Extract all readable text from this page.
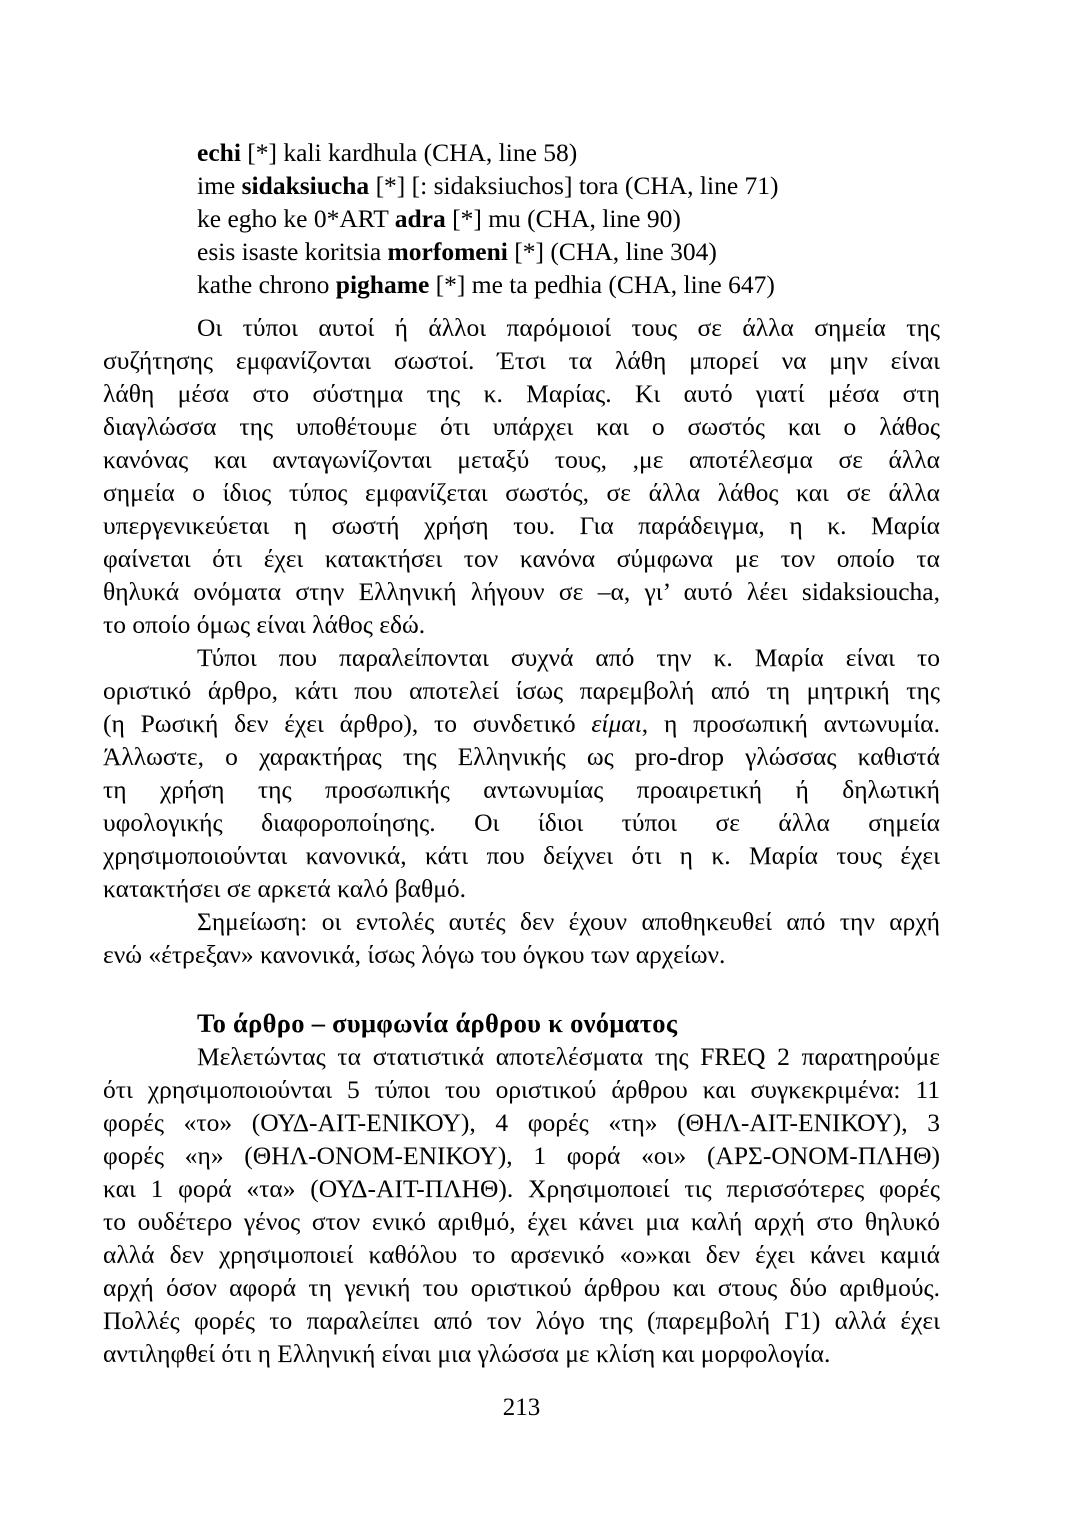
echi [*] kali kardhula (CHA, line 58)
ime sidaksiucha [*] [: sidaksiuchos] tora (CHA, line 71)
ke egho ke 0*ART adra [*] mu (CHA, line 90)
esis isaste koritsia morfomeni [*] (CHA, line 304)
kathe chrono pighame [*] me ta pedhia (CHA, line 647)
Οι τύποι αυτοί ή άλλοι παρόμοιοί τους σε άλλα σημεία της
συζήτησης εμφανίζονται σωστοί. Έτσι τα λάθη μπορεί να μην είναι
λάθη μέσα στο σύστημα της κ. Μαρίας. Κι αυτό γιατί μέσα στη
διαγλώσσα της υποθέτουμε ότι υπάρχει και ο σωστός και ο λάθος
κανόνας και ανταγωνίζονται μεταξύ τους, ,με αποτέλεσμα σε άλλα
σημεία ο ίδιος τύπος εμφανίζεται σωστός, σε άλλα λάθος και σε άλλα
υπεργενικεύεται η σωστή χρήση του. Για παράδειγμα, η κ. Μαρία
φαίνεται ότι έχει κατακτήσει τον κανόνα σύμφωνα με τον οποίο τα
θηλυκά ονόματα στην Ελληνική λήγουν σε –α, γι’ αυτό λέει sidaksioucha,
το οποίο όμως είναι λάθος εδώ.
Τύποι που παραλείπονται συχνά από την κ. Μαρία είναι το
οριστικό άρθρο, κάτι που αποτελεί ίσως παρεμβολή από τη μητρική της
(η Ρωσική δεν έχει άρθρο), το συνδετικό είμαι, η προσωπική αντωνυμία.
Άλλωστε, ο χαρακτήρας της Ελληνικής ως pro-drop γλώσσας καθιστά
τη χρήση της προσωπικής αντωνυμίας προαιρετική ή δηλωτική
υφολογικής διαφοροποίησης. Οι ίδιοι τύποι σε άλλα σημεία
χρησιμοποιούνται κανονικά, κάτι που δείχνει ότι η κ. Μαρία τους έχει
κατακτήσει σε αρκετά καλό βαθμό.
Σημείωση: οι εντολές αυτές δεν έχουν αποθηκευθεί από την αρχή
ενώ «έτρεξαν» κανονικά, ίσως λόγω του όγκου των αρχείων.
Το άρθρο – συμφωνία άρθρου κ ονόματος
Μελετώντας τα στατιστικά αποτελέσματα της FREQ 2 παρατηρούμε
ότι χρησιμοποιούνται 5 τύποι του οριστικού άρθρου και συγκεκριμένα: 11
φορές «το» (ΟΥΔ-ΑΙΤ-ΕΝΙΚΟΥ), 4 φορές «τη» (ΘΗΛ-ΑΙΤ-ΕΝΙΚΟΥ), 3
φορές «η» (ΘΗΛ-ΟΝΟΜ-ΕΝΙΚΟΥ), 1 φορά «οι» (ΑΡΣ-ΟΝΟΜ-ΠΛΗΘ)
και 1 φορά «τα» (ΟΥΔ-ΑΙΤ-ΠΛΗΘ). Χρησιμοποιεί τις περισσότερες φορές
το ουδέτερο γένος στον ενικό αριθμό, έχει κάνει μια καλή αρχή στο θηλυκό
αλλά δεν χρησιμοποιεί καθόλου το αρσενικό «ο»και δεν έχει κάνει καμιά
αρχή όσον αφορά τη γενική του οριστικού άρθρου και στους δύο αριθμούς.
Πολλές φορές το παραλείπει από τον λόγο της (παρεμβολή Γ1) αλλά έχει
αντιληφθεί ότι η Ελληνική είναι μια γλώσσα με κλίση και μορφολογία.
213
